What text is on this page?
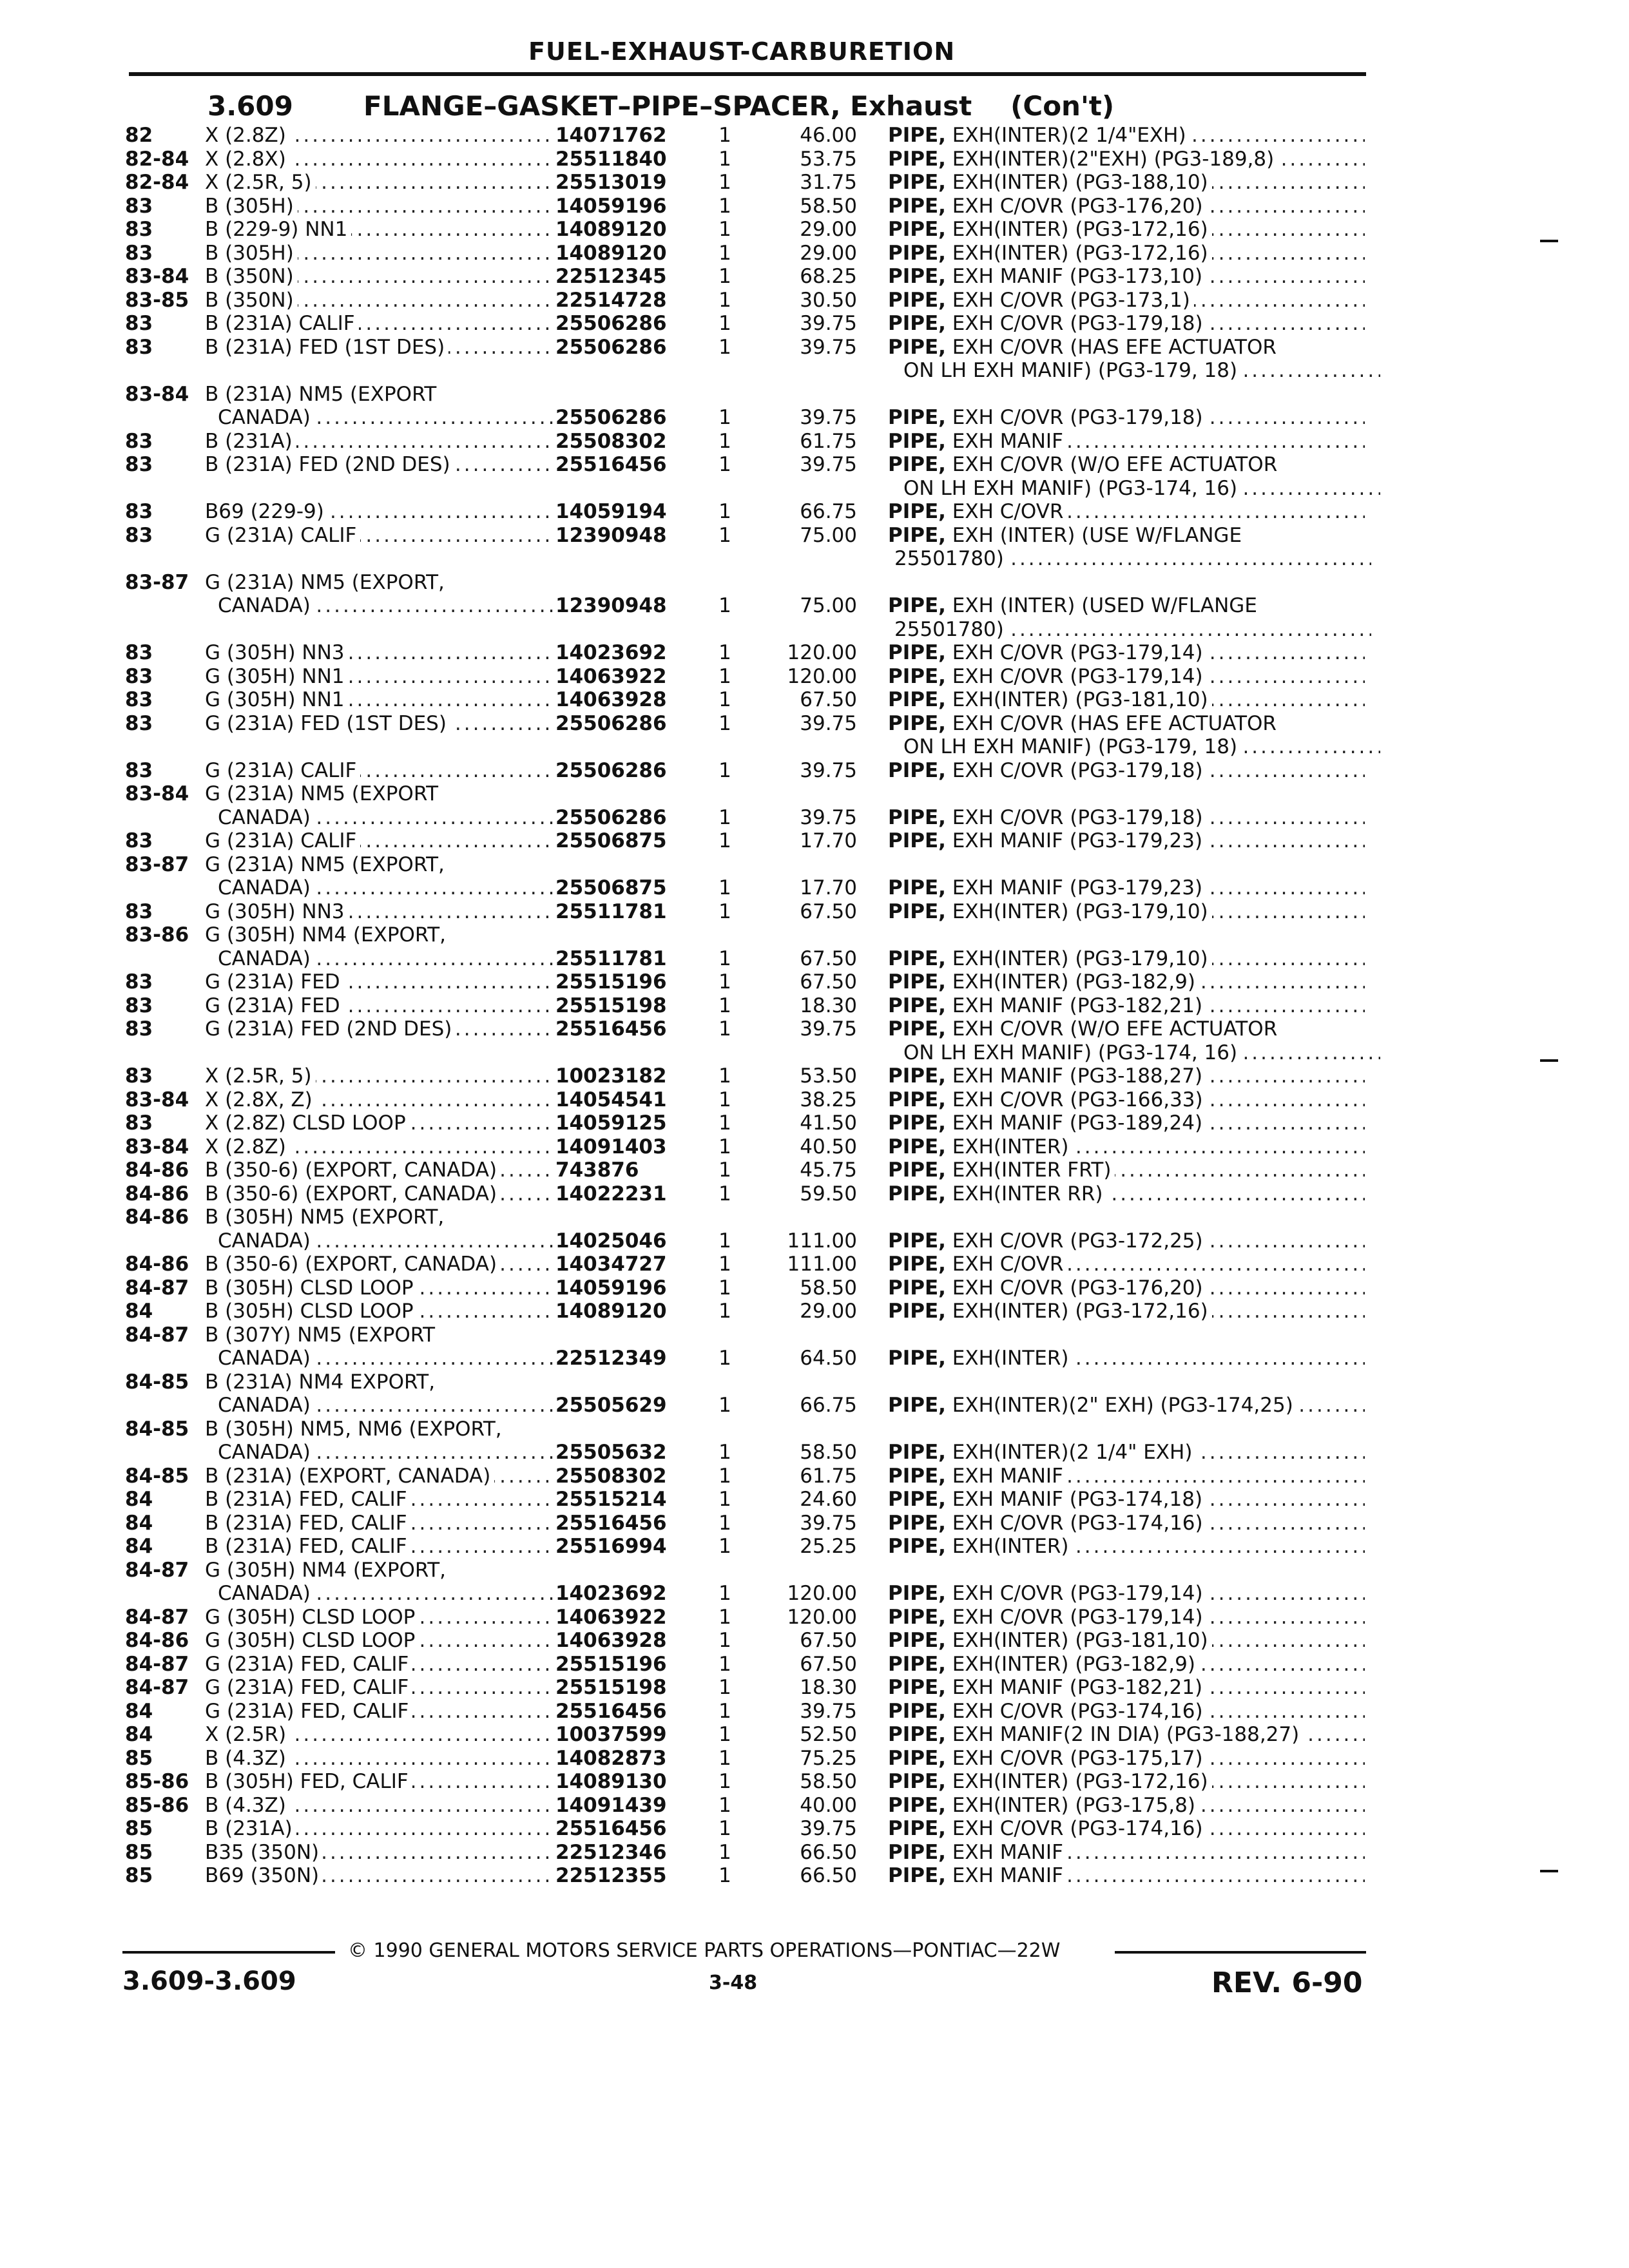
FUEL-EXHAUST-CARBURETION
3.609	FLANGE–GASKET–PIPE–SPACER, Exhaust (Con't)
82	X (2.8Z) .....	14071762	1	46.00 PIPE, EXH(INTER)(2 1/4"EXH) .....
82-84 X (2.8X) .....	25511840	1	53.75 PIPE, EXH(INTER)(2"EXH) (PG3-189,8) .....
82-84 X (2.5R, 5) .....	25513019	1	31.75 PIPE, EXH(INTER) (PG3-188,10) .....
83	B (305H) .....	14059196	1	58.50 PIPE, EXH C/OVR (PG3-176,20) .....
83	B (229-9) NN1 .....	14089120	1	29.00 PIPE, EXH(INTER) (PG3-172,16) .....
83	B (305H) .....	14089120	1	29.00 PIPE, EXH(INTER) (PG3-172,16) .....
83-84 B (350N) .....	22512345	1	68.25 PIPE, EXH MANIF (PG3-173,10) .....
83-85 B (350N) .....	22514728	1	30.50 PIPE, EXH C/OVR (PG3-173,1) .....
83	B (231A) CALIF .....	25506286	1	39.75 PIPE, EXH C/OVR (PG3-179,18) .....
83	B (231A) FED (1ST DES) .....	25506286	1	39.75 PIPE, EXH C/OVR (HAS EFE ACTUATOR
ON LH EXH MANIF) (PG3-179, 18) .....
83-84 B (231A) NM5 (EXPORT
CANADA) .....	25506286	1	39.75 PIPE, EXH C/OVR (PG3-179,18) .....
83	B (231A) .....	25508302	1	61.75 PIPE, EXH MANIF .....
83	B (231A) FED (2ND DES) .....	25516456	1	39.75 PIPE, EXH C/OVR (W/O EFE ACTUATOR
ON LH EXH MANIF) (PG3-174, 16) .....
83	B69 (229-9) .....	14059194	1	66.75 PIPE, EXH C/OVR .....
83	G (231A) CALIF .....	12390948	1	75.00 PIPE, EXH (INTER) (USE W/FLANGE
25501780) .....
83-87 G (231A) NM5 (EXPORT,
CANADA) .....	12390948	1	75.00 PIPE, EXH (INTER) (USED W/FLANGE
25501780) .....
83	G (305H) NN3 .....	14023692	1	120.00 PIPE, EXH C/OVR (PG3-179,14) .....
83	G (305H) NN1 .....	14063922	1	120.00 PIPE, EXH C/OVR (PG3-179,14) .....
83	G (305H) NN1 .....	14063928	1	67.50 PIPE, EXH(INTER) (PG3-181,10) .....
83	G (231A) FED (1ST DES) .....	25506286	1	39.75 PIPE, EXH C/OVR (HAS EFE ACTUATOR
ON LH EXH MANIF) (PG3-179, 18) .....
83	G (231A) CALIF .....	25506286	1	39.75 PIPE, EXH C/OVR (PG3-179,18) .....
83-84 G (231A) NM5 (EXPORT
CANADA) .....	25506286	1	39.75 PIPE, EXH C/OVR (PG3-179,18) .....
83	G (231A) CALIF .....	25506875	1	17.70 PIPE, EXH MANIF (PG3-179,23) .....
83-87 G (231A) NM5 (EXPORT,
CANADA) .....	25506875	1	17.70 PIPE, EXH MANIF (PG3-179,23) .....
83	G (305H) NN3 .....	25511781	1	67.50 PIPE, EXH(INTER) (PG3-179,10) .....
83-86 G (305H) NM4 (EXPORT,
CANADA) .....	25511781	1	67.50 PIPE, EXH(INTER) (PG3-179,10) .....
83	G (231A) FED .....	25515196	1	67.50 PIPE, EXH(INTER) (PG3-182,9) .....
83	G (231A) FED .....	25515198	1	18.30 PIPE, EXH MANIF (PG3-182,21) .....
83	G (231A) FED (2ND DES) .....	25516456	1	39.75 PIPE, EXH C/OVR (W/O EFE ACTUATOR
ON LH EXH MANIF) (PG3-174, 16) .....
83	X (2.5R, 5) .....	10023182	1	53.50 PIPE, EXH MANIF (PG3-188,27) .....
83-84 X (2.8X, Z) .....	14054541	1	38.25 PIPE, EXH C/OVR (PG3-166,33) .....
83	X (2.8Z) CLSD LOOP .....	14059125	1	41.50 PIPE, EXH MANIF (PG3-189,24) .....
83-84 X (2.8Z) .....	14091403	1	40.50 PIPE, EXH(INTER) .....
84-86 B (350-6) (EXPORT, CANADA) .....	743876	1	45.75 PIPE, EXH(INTER FRT) .....
84-86 B (350-6) (EXPORT, CANADA) .....	14022231	1	59.50 PIPE, EXH(INTER RR) .....
84-86 B (305H) NM5 (EXPORT,
CANADA) .....	14025046	1	111.00 PIPE, EXH C/OVR (PG3-172,25) .....
84-86 B (350-6) (EXPORT, CANADA) .....	14034727	1	111.00 PIPE, EXH C/OVR .....
84-87 B (305H) CLSD LOOP .....	14059196	1	58.50 PIPE, EXH C/OVR (PG3-176,20) .....
84	B (305H) CLSD LOOP .....	14089120	1	29.00 PIPE, EXH(INTER) (PG3-172,16) .....
84-87 B (307Y) NM5 (EXPORT
CANADA) .....	22512349	1	64.50 PIPE, EXH(INTER) .....
84-85 B (231A) NM4 EXPORT,
CANADA) .....	25505629	1	66.75 PIPE, EXH(INTER)(2" EXH) (PG3-174,25) .....
84-85 B (305H) NM5, NM6 (EXPORT,
CANADA) .....	25505632	1	58.50 PIPE, EXH(INTER)(2 1/4" EXH) .....
84-85 B (231A) (EXPORT, CANADA) .....	25508302	1	61.75 PIPE, EXH MANIF .....
84	B (231A) FED, CALIF .....	25515214	1	24.60 PIPE, EXH MANIF (PG3-174,18) .....
84	B (231A) FED, CALIF .....	25516456	1	39.75 PIPE, EXH C/OVR (PG3-174,16) .....
84	B (231A) FED, CALIF .....	25516994	1	25.25 PIPE, EXH(INTER) .....
84-87 G (305H) NM4 (EXPORT,
CANADA) .....	14023692	1	120.00 PIPE, EXH C/OVR (PG3-179,14) .....
84-87 G (305H) CLSD LOOP .....	14063922	1	120.00 PIPE, EXH C/OVR (PG3-179,14) .....
84-86 G (305H) CLSD LOOP .....	14063928	1	67.50 PIPE, EXH(INTER) (PG3-181,10) .....
84-87 G (231A) FED, CALIF .....	25515196	1	67.50 PIPE, EXH(INTER) (PG3-182,9) .....
84-87 G (231A) FED, CALIF .....	25515198	1	18.30 PIPE, EXH MANIF (PG3-182,21) .....
84	G (231A) FED, CALIF .....	25516456	1	39.75 PIPE, EXH C/OVR (PG3-174,16) .....
84	X (2.5R) .....	10037599	1	52.50 PIPE, EXH MANIF(2 IN DIA) (PG3-188,27) .....
85	B (4.3Z) .....	14082873	1	75.25 PIPE, EXH C/OVR (PG3-175,17) .....
85-86 B (305H) FED, CALIF .....	14089130	1	58.50 PIPE, EXH(INTER) (PG3-172,16) .....
85-86 B (4.3Z) .....	14091439	1	40.00 PIPE, EXH(INTER) (PG3-175,8) .....
85	B (231A) .....	25516456	1	39.75 PIPE, EXH C/OVR (PG3-174,16) .....
85	B35 (350N) .....	22512346	1	66.50 PIPE, EXH MANIF .....
85	B69 (350N) .....	22512355	1	66.50 PIPE, EXH MANIF .....
© 1990 GENERAL MOTORS SERVICE PARTS OPERATIONS—PONTIAC—22W
3.609-3.609	3-48	REV. 6-90
